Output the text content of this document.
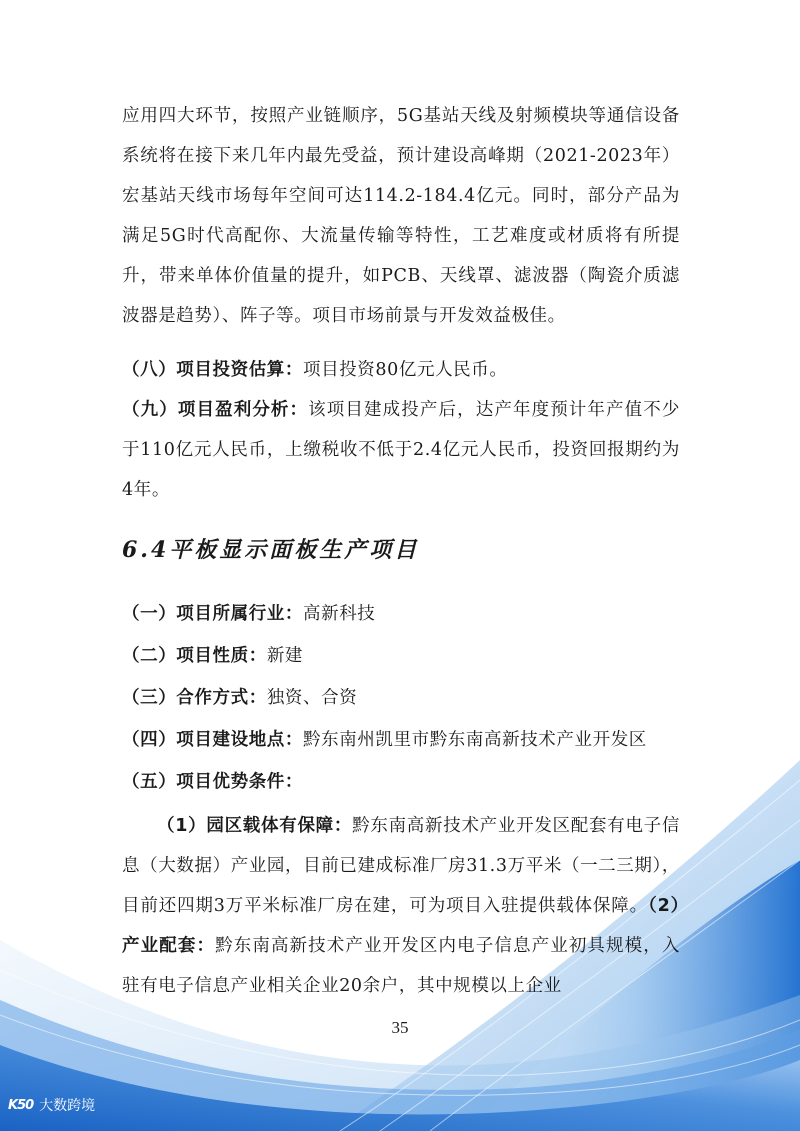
应用四大环节，按照产业链顺序，5G基站天线及射频模块等通信设备系统将在接下来几年内最先受益，预计建设高峰期（2021-2023年）宏基站天线市场每年空间可达114.2-184.4亿元。同时，部分产品为满足5G时代高配你、大流量传输等特性，工艺难度或材质将有所提升，带来单体价值量的提升，如PCB、天线罩、滤波器（陶瓷介质滤波器是趋势）、阵子等。项目市场前景与开发效益极佳。
（八）项目投资估算：项目投资80亿元人民币。
（九）项目盈利分析：该项目建成投产后，达产年度预计年产值不少于110亿元人民币，上缴税收不低于2.4亿元人民币，投资回报期约为4年。
6.4平板显示面板生产项目
（一）项目所属行业：高新科技
（二）项目性质：新建
（三）合作方式：独资、合资
（四）项目建设地点：黔东南州凯里市黔东南高新技术产业开发区
（五）项目优势条件：
（1）园区载体有保障：黔东南高新技术产业开发区配套有电子信息（大数据）产业园，目前已建成标准厂房31.3万平米（一二三期），目前还四期3万平米标准厂房在建，可为项目入驻提供载体保障。（2）产业配套：黔东南高新技术产业开发区内电子信息产业初具规模，入驻有电子信息产业相关企业20余户，其中规模以上企业
35
K50 大数跨境
